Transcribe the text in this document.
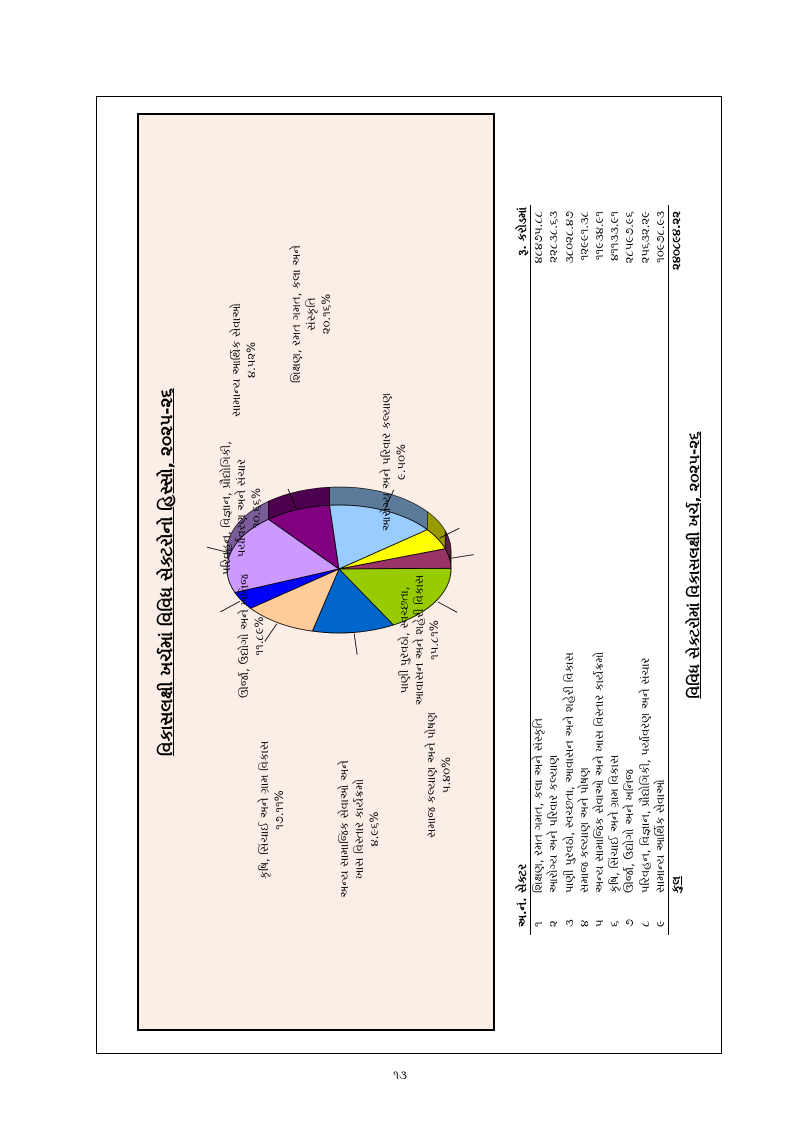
વિકાસલક્ષી ખર્ચમાં વિવિધ સેક્ટરોનો હિસ્સો, ૨૦૨૫-૨૬
શિક્ષણ, રમત ગમત, કલા અને સંસ્કૃતિ ૨૦.૧૬%
આરોગ્ય અને પરિવાર કલ્યાણ ૯.૫૦%
પાણી પુરવઠો, સ્વચ્છતા, આવાસન અને શહેરી વિકાસ ૧૫.૮૧%
સમાજ કલ્યાણ અને પોષણ ૫.૪૦%
અન્ય સામાજિક સેવાઓ અને ખાસ વિસ્તાર કાર્યક્રમો ૪.૯૬%
કૃષિ, સિંચાઈ અને ગ્રામ વિકાસ ૧૭.૧૧%
ઊર્જા, ઉદ્યોગો અને ખનિજ ૧૧.૮૯%
પરિવહન, વિજ્ઞાન, પ્રૌદ્યોગિકી, પર્યાવરણ અને સંચાર ૧૦.૬૬%
સામાન્ય આર્થિક સેવાઓ ૪.૫૨%
અ.નં.
સેક્ટર
રૂ. કરોડમાં
૧
શિક્ષણ, રમત ગમત, કલા અને સંસ્કૃતિ
૪૮૪૭૫.૮૮
૨
આરોગ્ય અને પરિવાર કલ્યાણ
૨૨૮૩૮.૬૩
૩
પાણી પુરવઠો, સ્વચ્છતા, આવાસન અને શહેરી વિકાસ
૩૮૦૨૮.૪૭
૪
સમાજ કલ્યાણ અને પોષણ
૧૨૯૯૧.૩૮
૫
અન્ય સામાજિક સેવાઓ અને ખાસ વિસ્તાર કાર્યક્રમો
૧૧૯૩૪.૯૧
૬
કૃષિ, સિંચાઈ અને ગ્રામ વિકાસ
૪૧૧૩૩.૯૧
૭
ઊર્જા, ઉદ્યોગો અને ખનિજ
૨૮૫૯૭.૯૬
૮
પરિવહન, વિજ્ઞાન, પ્રૌદ્યોગિકી, પર્યાવરણ અને સંચાર
૨૫૬૩૨.૨૯
૯
સામાન્ય આર્થિક સેવાઓ
૧૦૯૭૮.૯૩
કુલ
૨૪૦૮૯૪.૨૨
વિવિધ સેક્ટરોમાં વિકાસલક્ષી ખર્ચ, ૨૦૨૫-૨૬
૧૩
